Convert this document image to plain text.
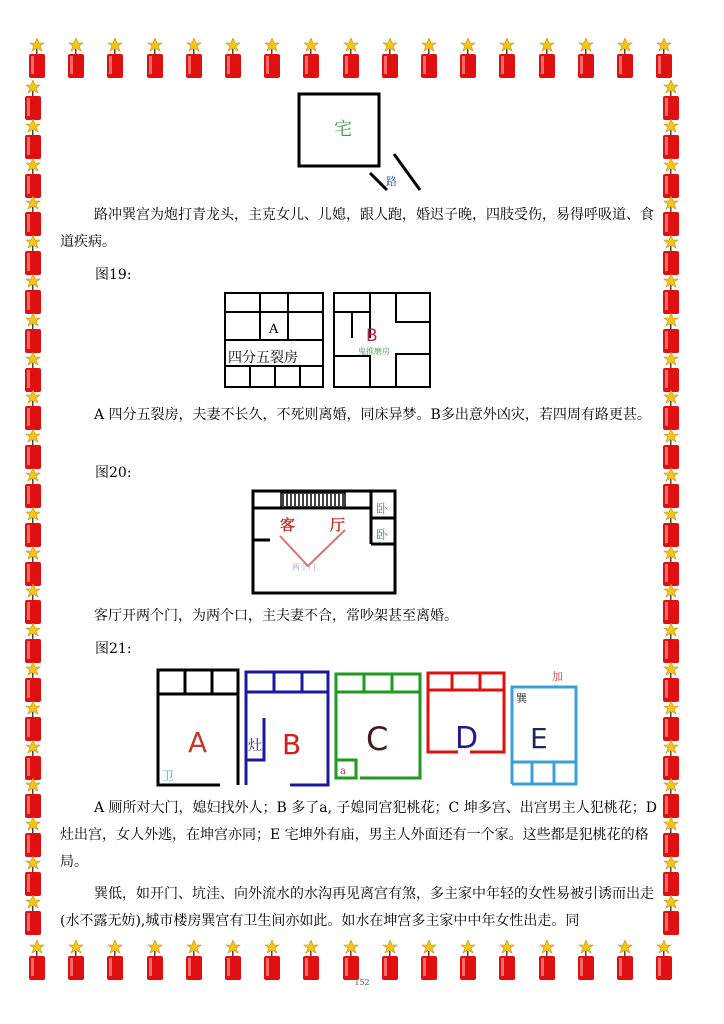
宅
路
路冲巽宫为炮打青龙头，主克女儿、儿媳，跟人跑，婚迟子晚，四肢受伤，易得呼吸道、食道疾病。
图19:
A
四分五裂房
B
鬼推磨房
A 四分五裂房，夫妻不长久，不死则离婚，同床异梦。B多出意外凶灾，若四周有路更甚。
图20:
客 厅
两个门
卧
卧
客厅开两个门，为两个口，主夫妻不合，常吵架甚至离婚。
图21:
A	B C D E
卫
灶
a
巽
加
A 厕所对大门，媳妇找外人；B 多了a, 子媳同宫犯桃花；C 坤多宫、出宫男主人犯桃花；D灶出宫，女人外逃，在坤宫亦同；E 宅坤外有庙，男主人外面还有一个家。这些都是犯桃花的格局。
巽低，如开门、坑洼、向外流水的水沟再见离宫有煞，多主家中年轻的女性易被引诱而出走(水不露无妨),城市楼房巽宫有卫生间亦如此。如水在坤宫多主家中中年女性出走。同
152
